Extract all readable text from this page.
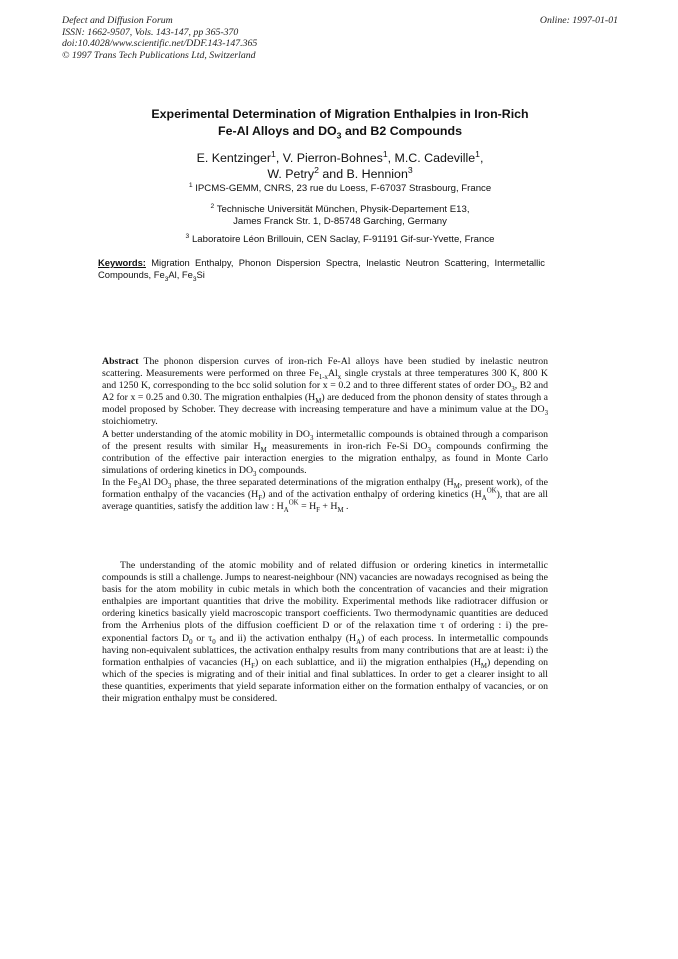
Defect and Diffusion Forum
ISSN: 1662-9507, Vols. 143-147, pp 365-370
doi:10.4028/www.scientific.net/DDF.143-147.365
© 1997 Trans Tech Publications Ltd, Switzerland
Online: 1997-01-01
Experimental Determination of Migration Enthalpies in Iron-Rich
Fe-Al Alloys and $DO_3$ and B2 Compounds
E. Kentzinger$^1$, V. Pierron-Bohnes$^1$, M.C. Cadeville$^1$,
W. Petry$^2$ and B. Hennion$^3$
$^1$ IPCMS-GEMM, CNRS, 23 rue du Loess, F-67037 Strasbourg, France
$^2$ Technische Universität München, Physik-Departement E13,
James Franck Str. 1, D-85748 Garching, Germany
$^3$ Laboratoire Léon Brillouin, CEN Saclay, F-91191 Gif-sur-Yvette, France
Keywords: Migration Enthalpy, Phonon Dispersion Spectra, Inelastic Neutron Scattering, Intermetallic Compounds, $Fe_3Al$, $Fe_3Si$

Abstract The phonon dispersion curves of iron-rich Fe-Al alloys have been studied by inelastic neutron scattering. Measurements were performed on three $Fe_{1-x}Al_x$ single crystals at three temperatures 300 K, 800 K and 1250 K, corresponding to the bcc solid solution for x = 0.2 and to three different states of order $DO_3$, B2 and A2 for x = 0.25 and 0.30. The migration enthalpies $(H_M)$ are deduced from the phonon density of states through a model proposed by Schober. They decrease with increasing temperature and have a minimum value at the $DO_3$ stoichiometry.

A better understanding of the atomic mobility in $DO_3$ intermetallic compounds is obtained through a comparison of the present results with similar $H_M$ measurements in iron-rich Fe-Si $DO_3$ compounds confirming the contribution of the effective pair interaction energies to the migration enthalpy, as found in Monte Carlo simulations of ordering kinetics in $DO_3$ compounds.

In the $Fe_3Al$ $DO_3$ phase, the three separated determinations of the migration enthalpy ($H_M$, present work), of the formation enthalpy of the vacancies $(H_F)$ and of the activation enthalpy of ordering kinetics $(H_A^{OK})$, that are all average quantities, satisfy the addition law : $H_A^{OK} = H_F + H_M$ .

The understanding of the atomic mobility and of related diffusion or ordering kinetics in intermetallic compounds is still a challenge. Jumps to nearest-neighbour (NN) vacancies are nowadays recognised as being the basis for the atom mobility in cubic metals in which both the concentration of vacancies and their migration enthalpies are important quantities that drive the mobility. Experimental methods like radiotracer diffusion or ordering kinetics basically yield macroscopic transport coefficients. Two thermodynamic quantities are deduced from the Arrhenius plots of the diffusion coefficient D or of the relaxation time τ of ordering : i) the pre-exponential factors $D_0$ or $\tau_0$ and ii) the activation enthalpy $(H_A)$ of each process. In intermetallic compounds having non-equivalent sublattices, the activation enthalpy results from many contributions that are at least: i) the formation enthalpies of vacancies $(H_F)$ on each sublattice, and ii) the migration enthalpies $(H_M)$ depending on which of the species is migrating and of their initial and final sublattices. In order to get a clearer insight to all these quantities, experiments that yield separate information either on the formation enthalpy of vacancies, or on their migration enthalpy must be considered.
